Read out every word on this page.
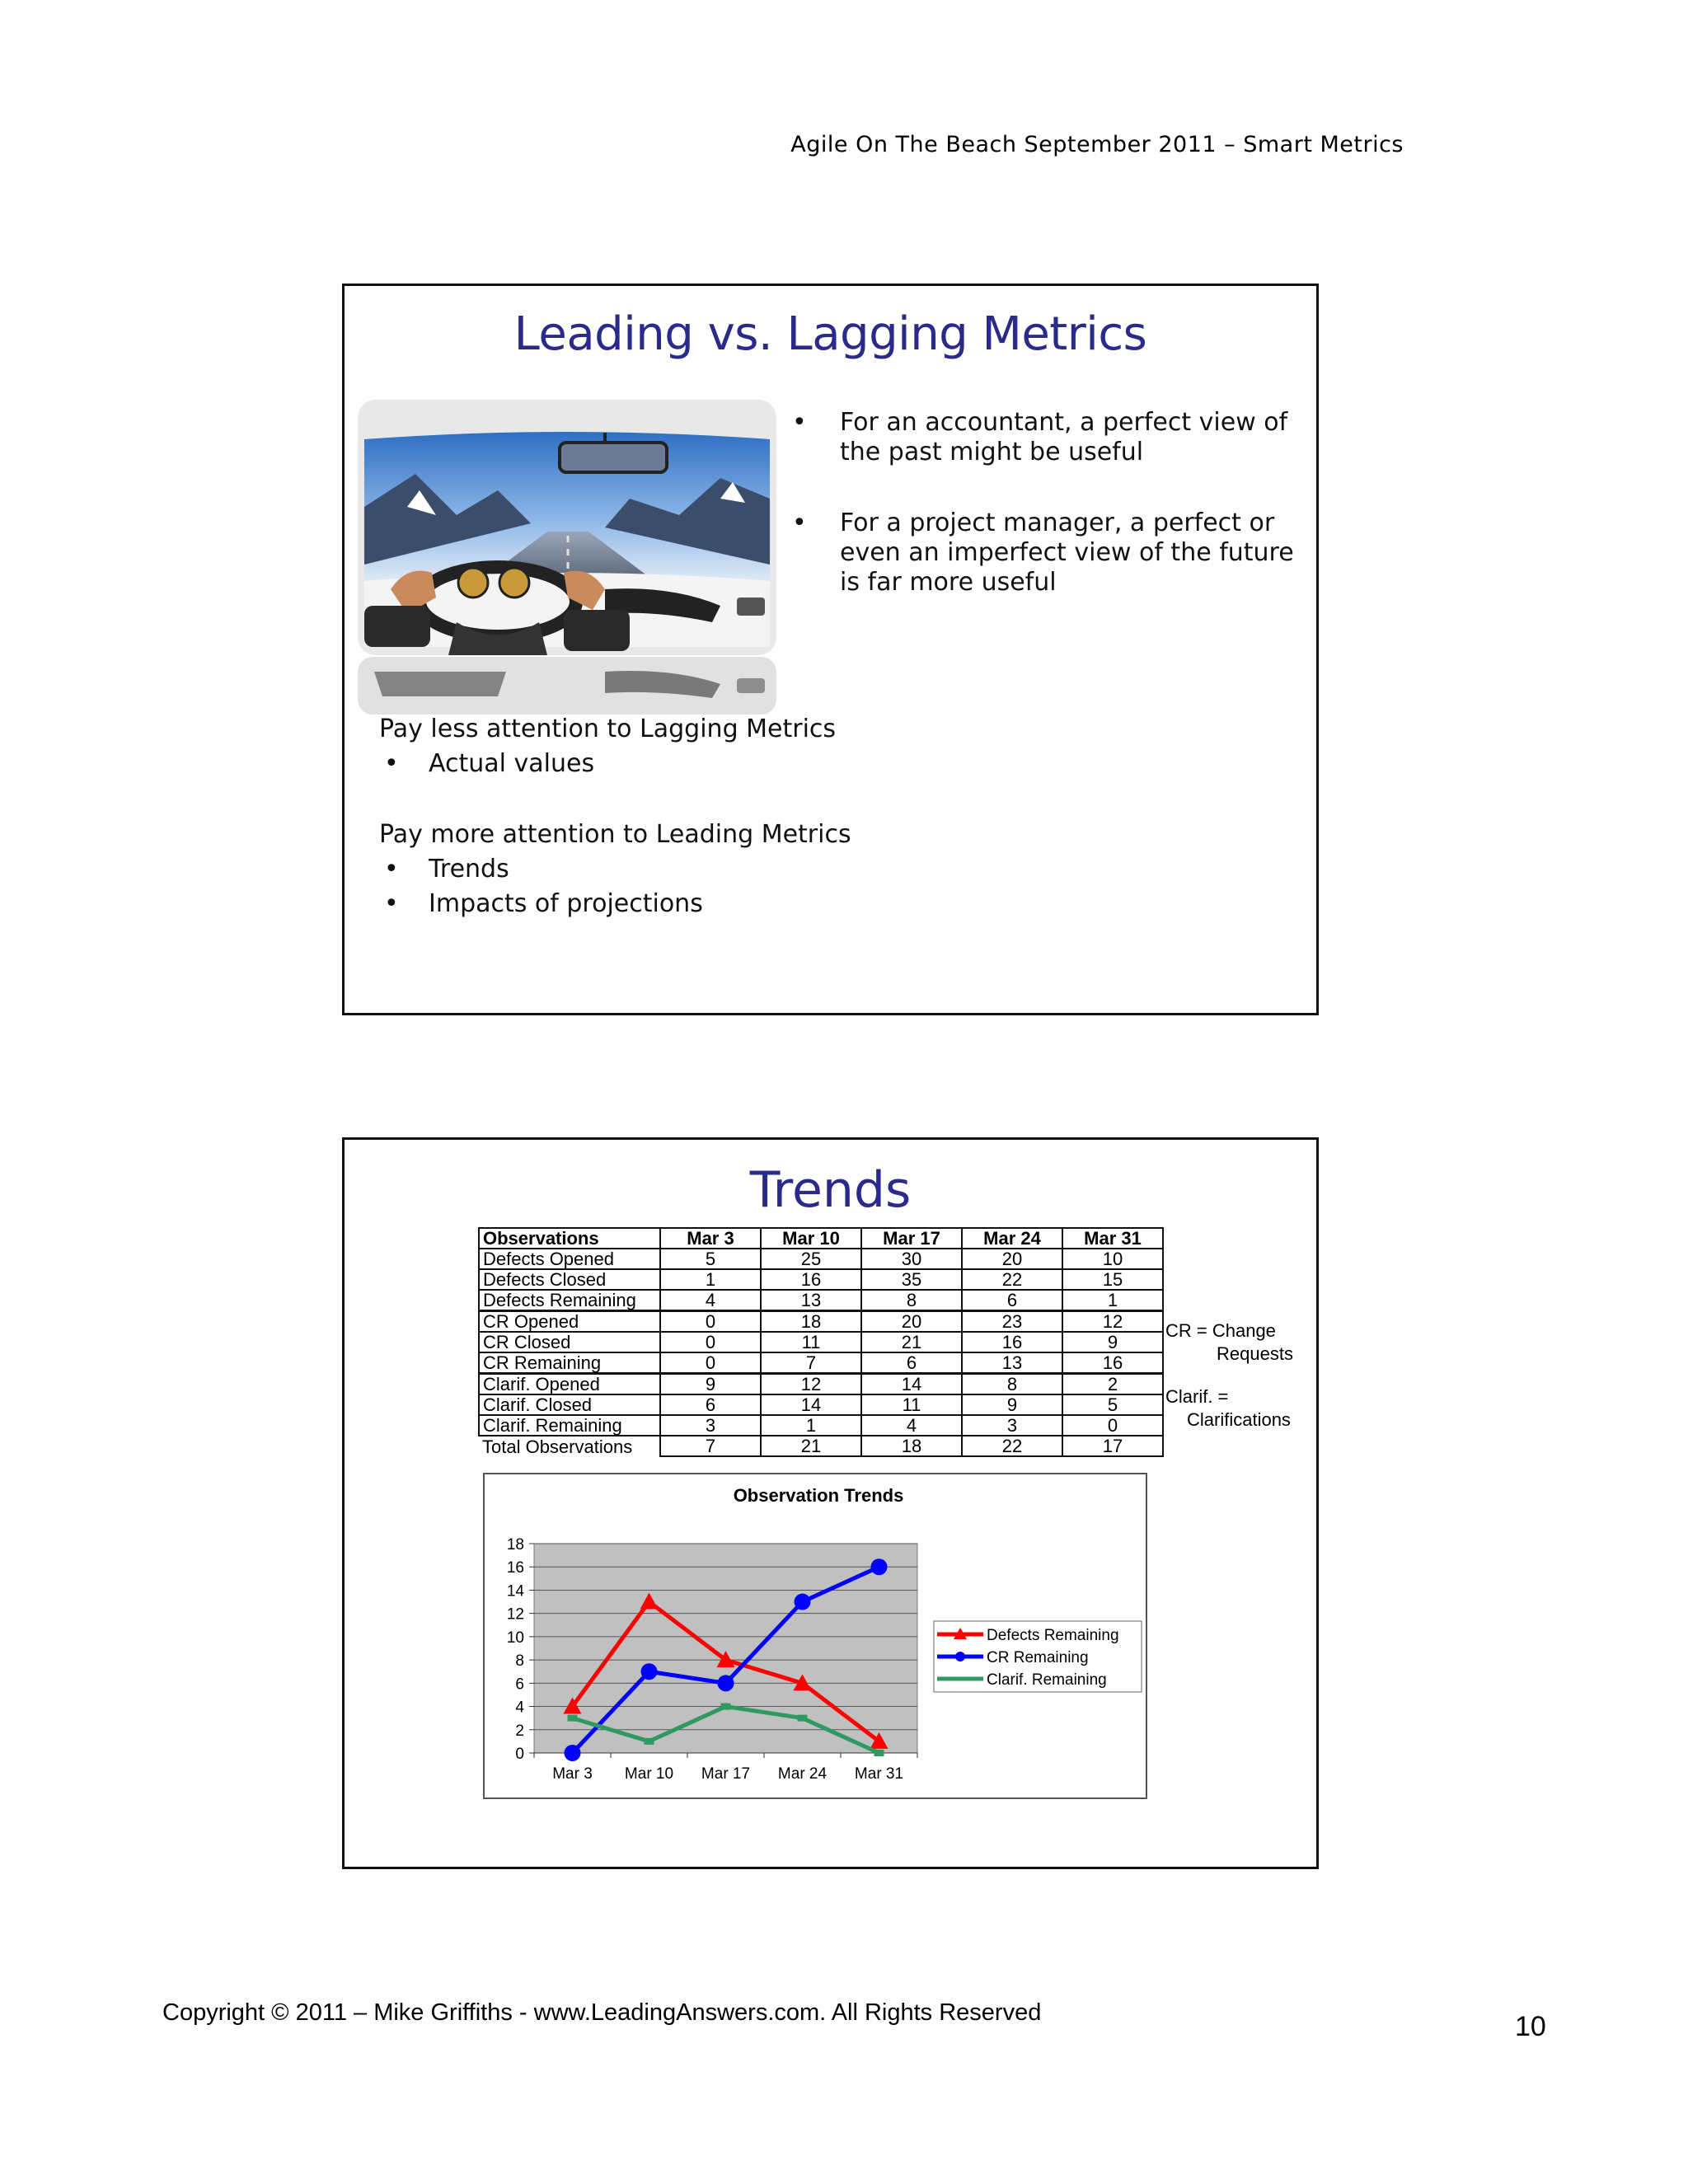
Agile On The Beach September 2011 – Smart Metrics
Leading vs. Lagging Metrics
• For an accountant, a perfect view of the past might be useful
• For a project manager, a perfect or even an imperfect view of the future is far more useful
Pay less attention to Lagging Metrics
• Actual values
Pay more attention to Leading Metrics
• Trends
• Impacts of projections
Trends
Observations	Mar 3	Mar 10	Mar 17	Mar 24	Mar 31
Defects Opened	5	25	30	20	10
Defects Closed	1	16	35	22	15
Defects Remaining	4	13	8	6	1
CR Opened	0	18	20	23	12
CR Closed	0	11	21	16	9
CR Remaining	0	7	6	13	16
Clarif. Opened	9	12	14	8	2
Clarif. Closed	6	14	11	9	5
Clarif. Remaining	3	1	4	3	0
Total Observations	7	21	18	22	17
CR = Change
Requests
Clarif. =
Clarifications
Observation Trends
0
2
4
6
8
10
12
14
16
18
Mar 3 Mar 10 Mar 17 Mar 24 Mar 31
Defects Remaining
CR Remaining
Clarif. Remaining
Copyright © 2011 – Mike Griffiths - www.LeadingAnswers.com. All Rights Reserved	10
